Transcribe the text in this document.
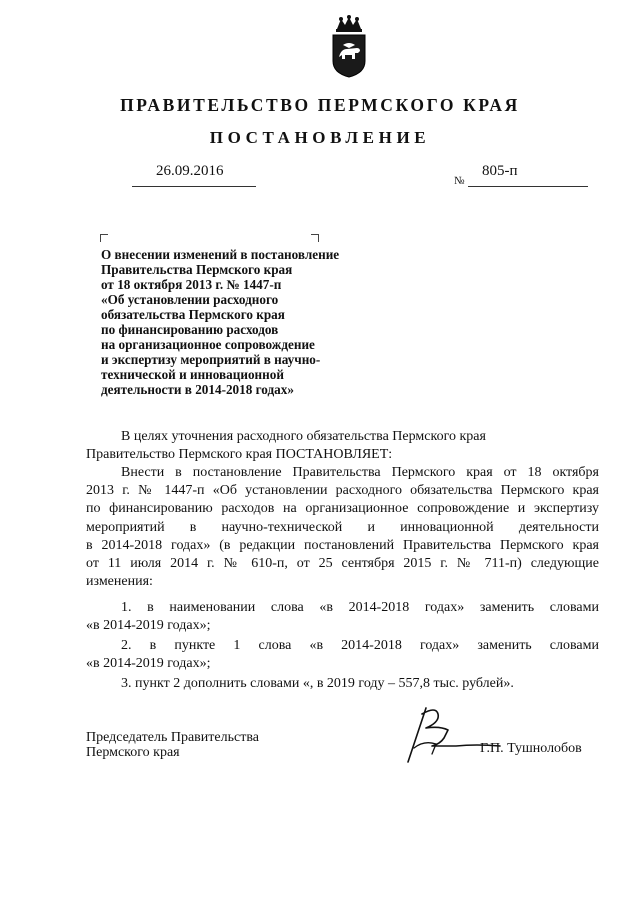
ПРАВИТЕЛЬСТВО ПЕРМСКОГО КРАЯ
ПОСТАНОВЛЕНИЕ
26.09.2016
№
805-п
О внесении изменений в постановление
Правительства Пермского края
от 18 октября 2013 г. № 1447-п
«Об установлении расходного
обязательства Пермского края
по финансированию расходов
на организационное сопровождение
и экспертизу мероприятий в научно-
технической и инновационной
деятельности в 2014-2018 годах»
В целях уточнения расходного обязательства Пермского края
Правительство Пермского края ПОСТАНОВЛЯЕТ:
Внести в постановление Правительства Пермского края от 18 октября
2013 г. № 1447-п «Об установлении расходного обязательства Пермского края
по финансированию расходов на организационное сопровождение и экспертизу
мероприятий в научно-технической и инновационной деятельности
в 2014-2018 годах» (в редакции постановлений Правительства Пермского края
от 11 июля 2014 г. № 610-п, от 25 сентября 2015 г. № 711-п) следующие
изменения:
1. в наименовании слова «в 2014-2018 годах» заменить словами
«в 2014-2019 годах»;
2. в пункте 1 слова «в 2014-2018 годах» заменить словами
«в 2014-2019 годах»;
3. пункт 2 дополнить словами «, в 2019 году – 557,8 тыс. рублей».
Председатель Правительства
Пермского края	Г.П. Тушнолобов
